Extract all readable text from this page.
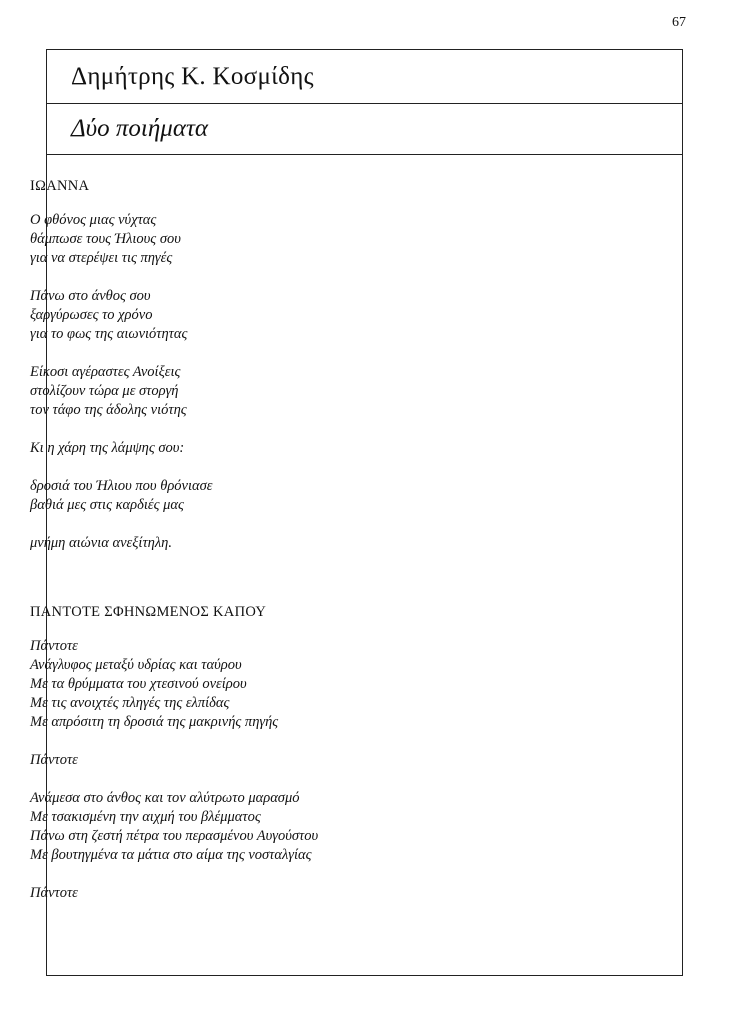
67
Δημήτρης Κ. Κοσμίδης
Δύο ποιήματα

ΙΩΑΝΝΑ

Ο φθόνος μιας νύχτας
θάμπωσε τους Ήλιους σου
για να στερέψει τις πηγές

Πάνω στο άνθος σου
ξαργύρωσες το χρόνο
για το φως της αιωνιότητας

Είκοσι αγέραστες Ανοίξεις
στολίζουν τώρα με στοργή
τον τάφο της άδολης νιότης

Κι η χάρη της λάμψης σου:

δροσιά του Ήλιου που θρόνιασε
βαθιά μες στις καρδιές μας

μνήμη αιώνια ανεξίτηλη.

ΠΑΝΤΟΤΕ ΣΦΗΝΩΜΕΝΟΣ ΚΑΠΟΥ

Πάντοτε
Ανάγλυφος μεταξύ υδρίας και ταύρου
Με τα θρύμματα του χτεσινού ονείρου
Με τις ανοιχτές πληγές της ελπίδας
Με απρόσιτη τη δροσιά της μακρινής πηγής

Πάντοτε

Ανάμεσα στο άνθος και τον αλύτρωτο μαρασμό
Με τσακισμένη την αιχμή του βλέμματος
Πάνω στη ζεστή πέτρα του περασμένου Αυγούστου
Με βουτηγμένα τα μάτια στο αίμα της νοσταλγίας

Πάντοτε
